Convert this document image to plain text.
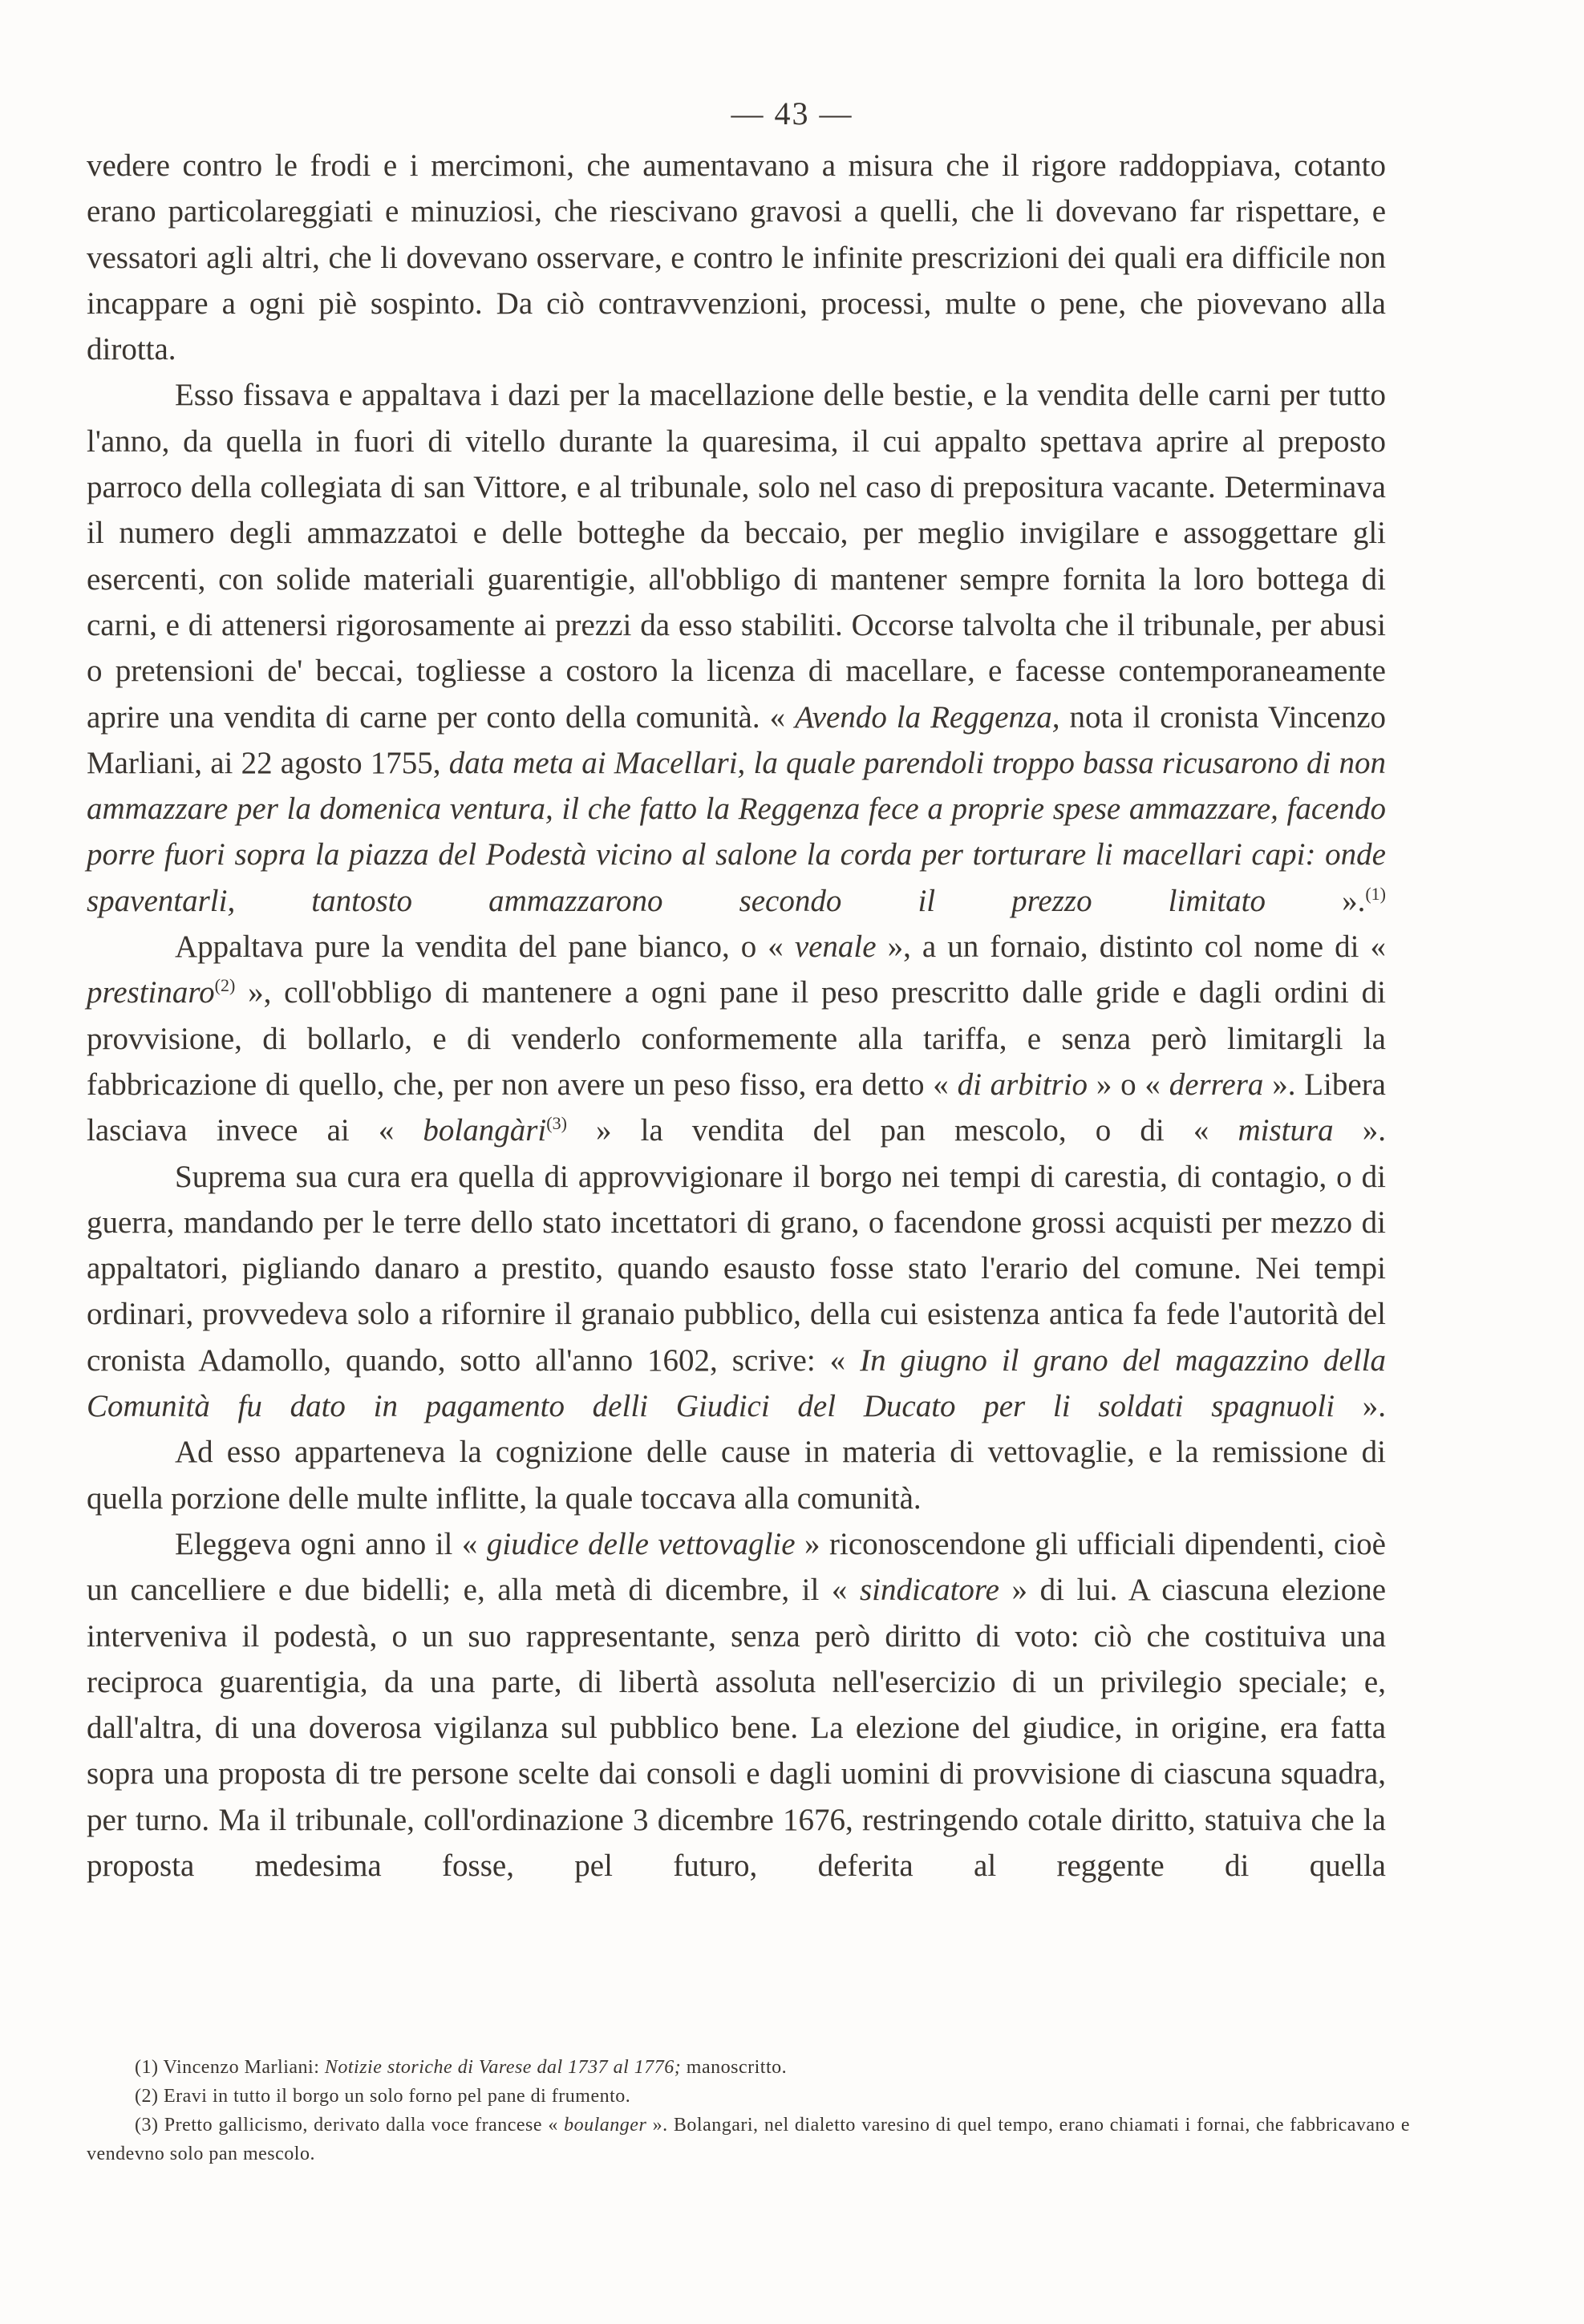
— 43 —

vedere contro le frodi e i mercimoni, che aumentavano a misura che il rigore raddoppiava, cotanto erano particolareggiati e minuziosi, che riescivano gravosi a quelli, che li dovevano far rispettare, e vessatori agli altri, che li dovevano osservare, e contro le infinite prescrizioni dei quali era difficile non incappare a ogni piè sospinto. Da ciò contravvenzioni, processi, multe o pene, che piovevano alla dirotta.

Esso fissava e appaltava i dazi per la macellazione delle bestie, e la vendita delle carni per tutto l'anno, da quella in fuori di vitello durante la quaresima, il cui appalto spettava aprire al preposto parroco della collegiata di san Vittore, e al tribunale, solo nel caso di prepositura vacante. Determinava il numero degli ammazzatoi e delle botteghe da beccaio, per meglio invigilare e assoggettare gli esercenti, con solide materiali guarentigie, all'obbligo di mantener sempre fornita la loro bottega di carni, e di attenersi rigorosamente ai prezzi da esso stabiliti. Occorse talvolta che il tribunale, per abusi o pretensioni de' beccai, togliesse a costoro la licenza di macellare, e facesse contemporaneamente aprire una vendita di carne per conto della comunità. « Avendo la Reggenza, nota il cronista Vincenzo Marliani, ai 22 agosto 1755, data meta ai Macellari, la quale parendoli troppo bassa ricusarono di non ammazzare per la domenica ventura, il che fatto la Reggenza fece a proprie spese ammazzare, facendo porre fuori sopra la piazza del Podestà vicino al salone la corda per torturare li macellari capi: onde spaventarli, tantosto ammazzarono secondo il prezzo limitato ».$^{(1)}$

Appaltava pure la vendita del pane bianco, o « venale », a un fornaio, distinto col nome di « prestinaro$^{(2)}$ », coll'obbligo di mantenere a ogni pane il peso prescritto dalle gride e dagli ordini di provvisione, di bollarlo, e di venderlo conformemente alla tariffa, e senza però limitargli la fabbricazione di quello, che, per non avere un peso fisso, era detto « di arbitrio » o « derrera ». Libera lasciava invece ai « bolangàri$^{(3)}$ » la vendita del pan mescolo, o di « mistura ».

Suprema sua cura era quella di approvvigionare il borgo nei tempi di carestia, di contagio, o di guerra, mandando per le terre dello stato incettatori di grano, o facendone grossi acquisti per mezzo di appaltatori, pigliando danaro a prestito, quando esausto fosse stato l'erario del comune. Nei tempi ordinari, provvedeva solo a rifornire il granaio pubblico, della cui esistenza antica fa fede l'autorità del cronista Adamollo, quando, sotto all'anno 1602, scrive: « In giugno il grano del magazzino della Comunità fu dato in pagamento delli Giudici del Ducato per li soldati spagnuoli ».

Ad esso apparteneva la cognizione delle cause in materia di vettovaglie, e la remissione di quella porzione delle multe inflitte, la quale toccava alla comunità.

Eleggeva ogni anno il « giudice delle vettovaglie » riconoscendone gli ufficiali dipendenti, cioè un cancelliere e due bidelli; e, alla metà di dicembre, il « sindicatore » di lui. A ciascuna elezione interveniva il podestà, o un suo rappresentante, senza però diritto di voto: ciò che costituiva una reciproca guarentigia, da una parte, di libertà assoluta nell'esercizio di un privilegio speciale; e, dall'altra, di una doverosa vigilanza sul pubblico bene. La elezione del giudice, in origine, era fatta sopra una proposta di tre persone scelte dai consoli e dagli uomini di provvisione di ciascuna squadra, per turno. Ma il tribunale, coll'ordinazione 3 dicembre 1676, restringendo cotale diritto, statuiva che la proposta medesima fosse, pel futuro, deferita al reggente di quella

(1) Vincenzo Marliani: Notizie storiche di Varese dal 1737 al 1776; manoscritto.

(2) Eravi in tutto il borgo un solo forno pel pane di frumento.

(3) Pretto gallicismo, derivato dalla voce francese « boulanger ». Bolangari, nel dialetto varesino di quel tempo, erano chiamati i fornai, che fabbricavano e vendevno solo pan mescolo.
